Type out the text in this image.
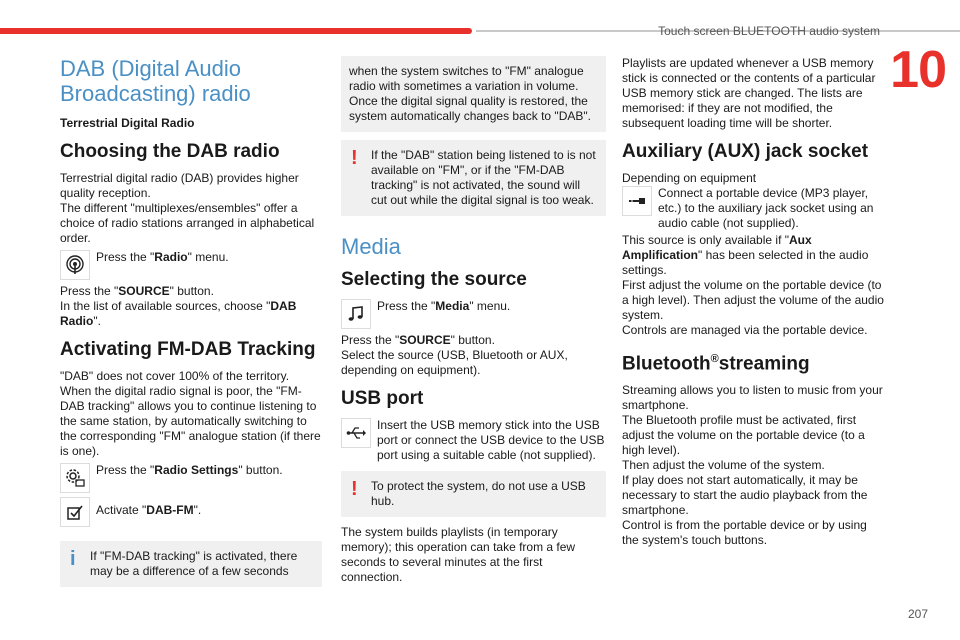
Touch screen BLUETOOTH audio system
10
DAB (Digital Audio Broadcasting) radio

Terrestrial Digital Radio

Choosing the DAB radio

Terrestrial digital radio (DAB) provides higher quality reception.
The different "multiplexes/ensembles" offer a choice of radio stations arranged in alphabetical order.

Press the "Radio" menu.

Press the "SOURCE" button.
In the list of available sources, choose "DAB Radio".

Activating FM-DAB Tracking

"DAB" does not cover 100% of the territory.
When the digital radio signal is poor, the "FM-DAB tracking" allows you to continue listening to the same station, by automatically switching to the corresponding "FM" analogue station (if there is one).

Press the "Radio Settings" button.

Activate "DAB-FM".

i If "FM-DAB tracking" is activated, there may be a difference of a few seconds

when the system switches to "FM" analogue radio with sometimes a variation in volume. Once the digital signal quality is restored, the system automatically changes back to "DAB".

! If the "DAB" station being listened to is not available on "FM", or if the "FM-DAB tracking" is not activated, the sound will cut out while the digital signal is too weak.

Media
Selecting the source

Press the "Media" menu.

Press the "SOURCE" button.
Select the source (USB, Bluetooth or AUX, depending on equipment).

USB port

Insert the USB memory stick into the USB port or connect the USB device to the USB port using a suitable cable (not supplied).

! To protect the system, do not use a USB hub.

The system builds playlists (in temporary memory); this operation can take from a few seconds to several minutes at the first connection.

Playlists are updated whenever a USB memory stick is connected or the contents of a particular USB memory stick are changed. The lists are memorised: if they are not modified, the subsequent loading time will be shorter.

Auxiliary (AUX) jack socket

Depending on equipment

Connect a portable device (MP3 player, etc.) to the auxiliary jack socket using an audio cable (not supplied).

This source is only available if "Aux Amplification" has been selected in the audio settings.
First adjust the volume on the portable device (to a high level). Then adjust the volume of the audio system.
Controls are managed via the portable device.

Bluetooth®streaming

Streaming allows you to listen to music from your smartphone.
The Bluetooth profile must be activated, first adjust the volume on the portable device (to a high level).
Then adjust the volume of the system.
If play does not start automatically, it may be necessary to start the audio playback from the smartphone.
Control is from the portable device or by using the system's touch buttons.

207
